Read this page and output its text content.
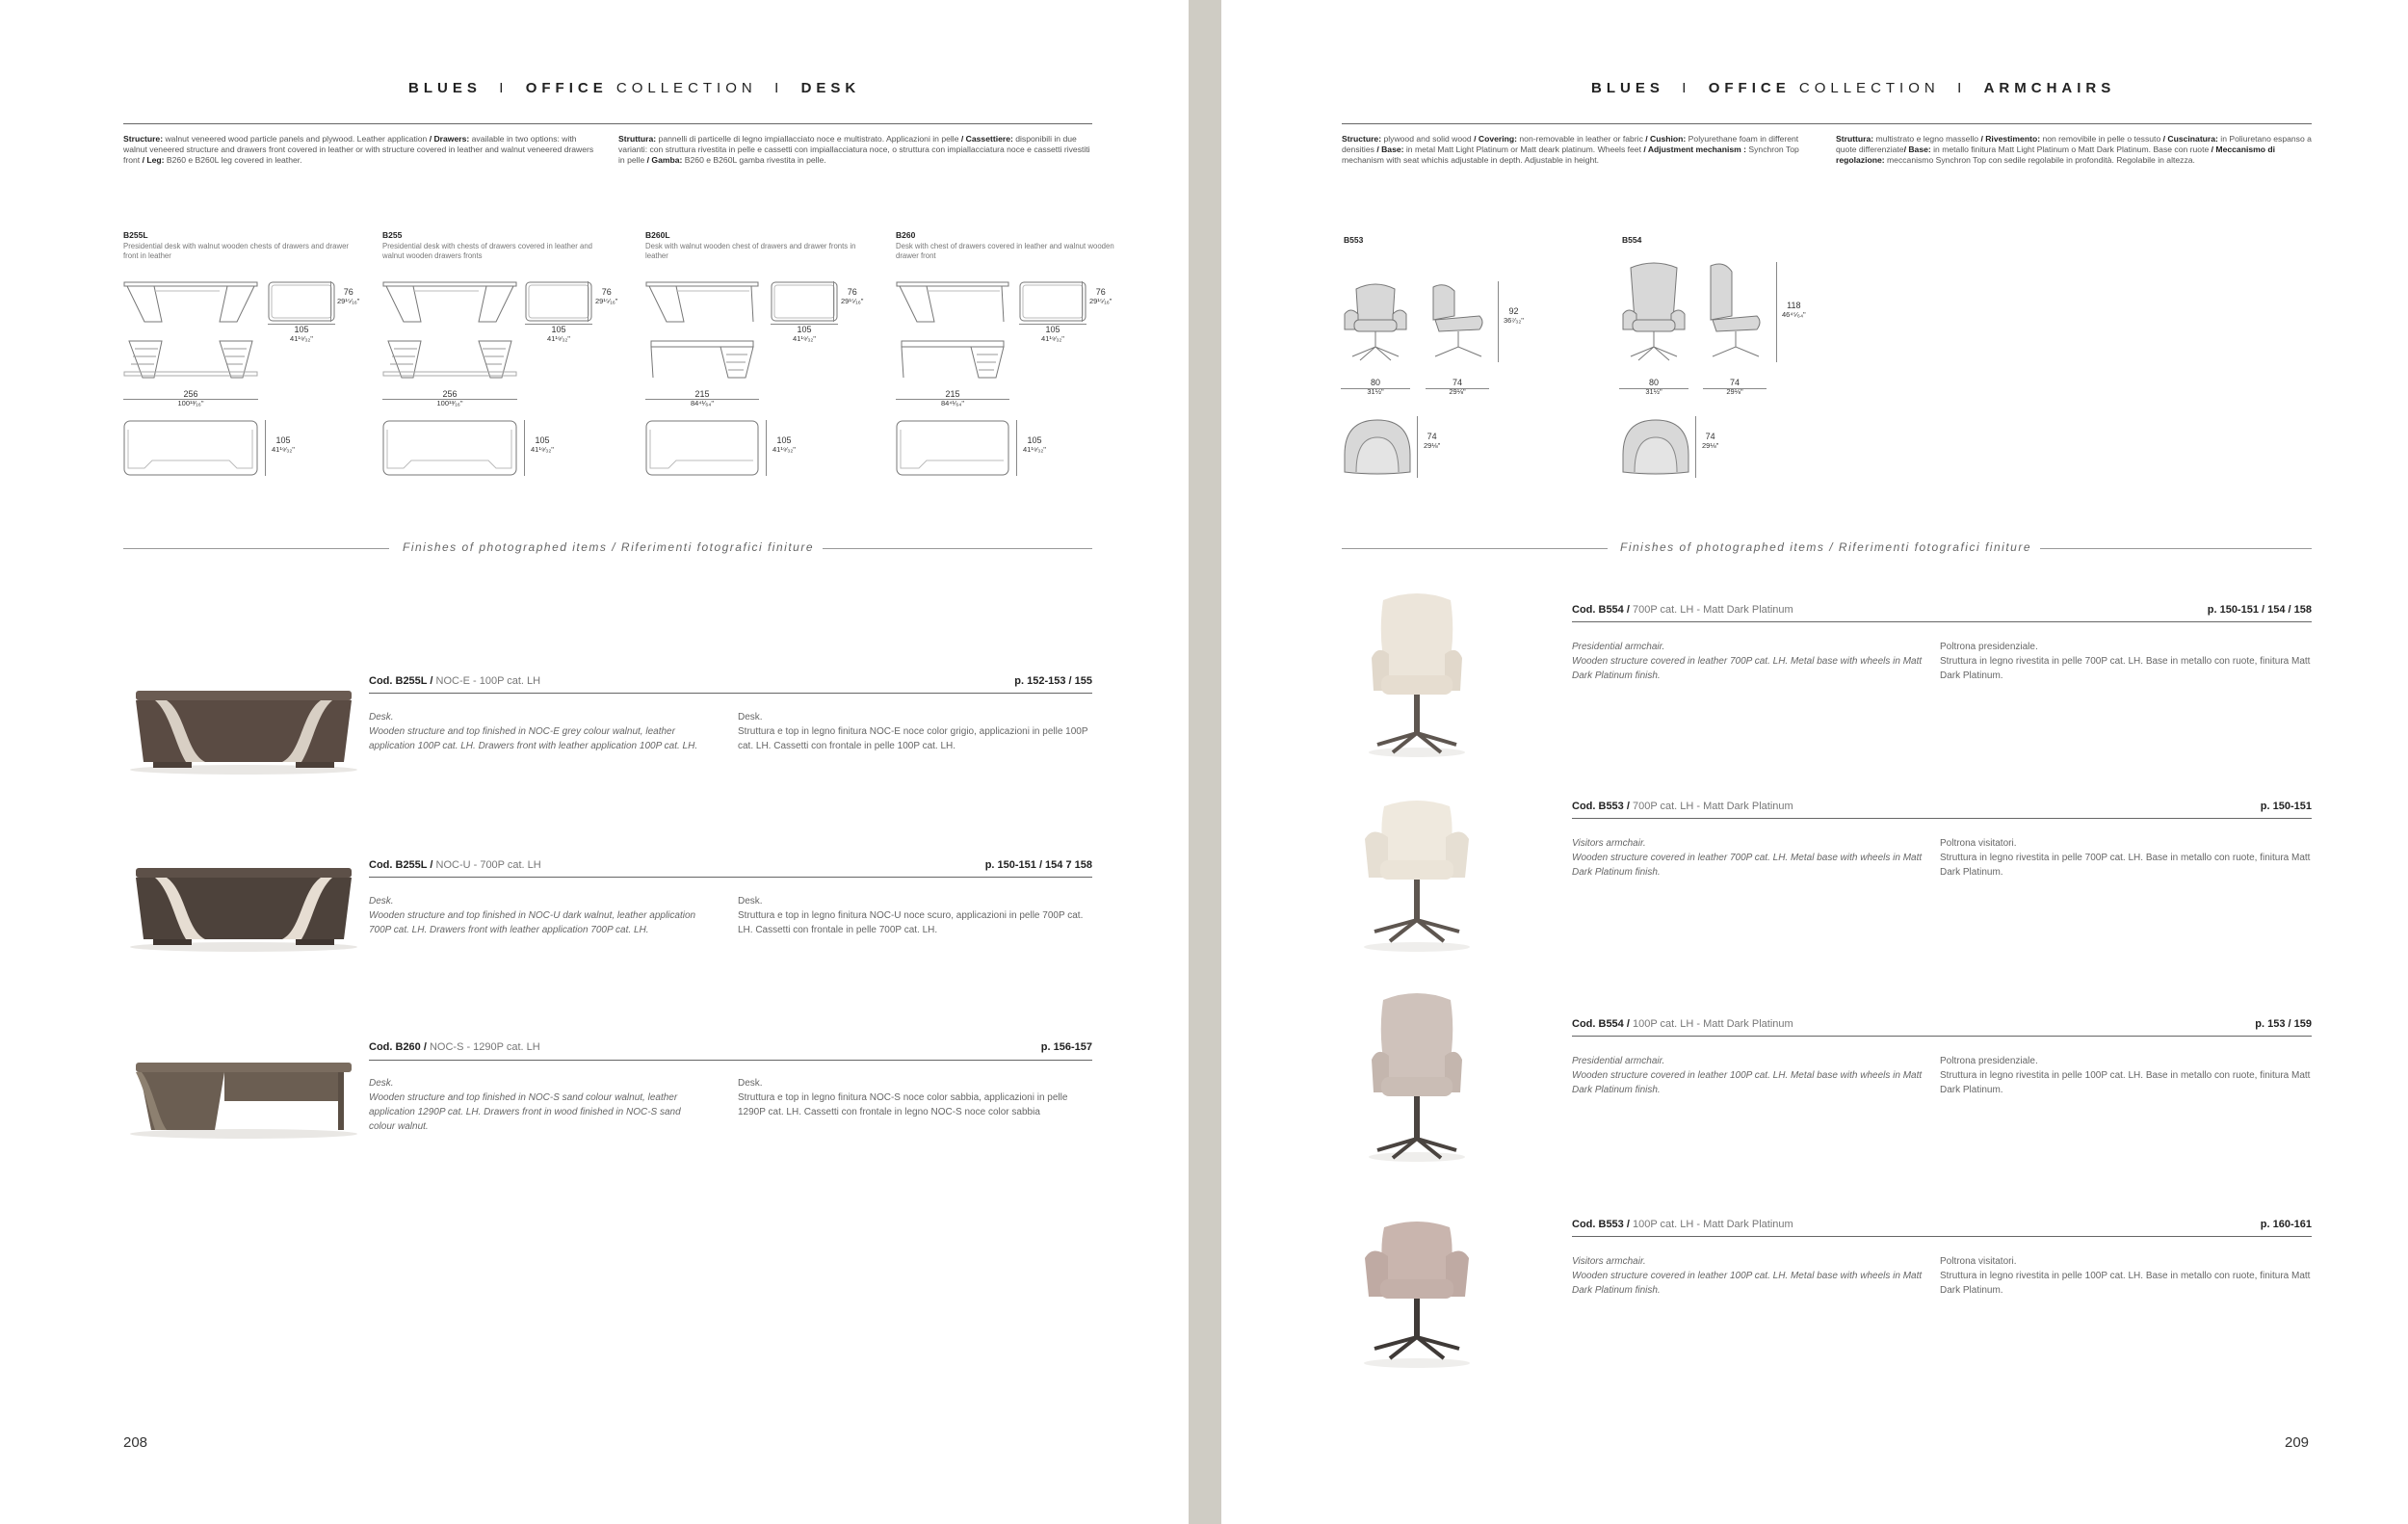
BLUES I OFFICE COLLECTION I DESK
Structure: walnut veneered wood particle panels and plywood. Leather application / Drawers: available in two options: with walnut veneered structure and drawers front covered in leather or with structure covered in leather and walnut veneered drawers front / Leg: B260 e B260L leg covered in leather.
Struttura: pannelli di particelle di legno impiallacciato noce e multistrato. Applicazioni in pelle / Cassettiere: disponibili in due varianti: con struttura rivestita in pelle e cassetti con impiallacciatura noce, o struttura con impiallacciatura noce e cassetti rivestiti in pelle / Gamba: B260 e B260L gamba rivestita in pelle.
B255L
Presidential desk with walnut wooden chests of drawers and drawer front in leather
76
29¹⁵⁄₁₆"
105
41¹⁹⁄₃₂"
256
100¹³⁄₁₆"
105
41¹⁹⁄₃₂"
B255
Presidential desk with chests of drawers covered in leather and walnut wooden drawers fronts
76
29¹⁵⁄₁₆"
105
41¹⁹⁄₃₂"
256
100¹³⁄₁₆"
105
41¹⁹⁄₃₂"
B260L
Desk with walnut wooden chest of drawers and drawer fronts in leather
76
29¹⁵⁄₁₆"
105
41¹⁹⁄₃₂"
215
84⁴¹⁄₆₄"
105
41¹⁹⁄₃₂"
B260
Desk with chest of drawers covered in leather and walnut wooden drawer front
76
29¹⁵⁄₁₆"
105
41¹⁹⁄₃₂"
215
84⁴¹⁄₆₄"
105
41¹⁹⁄₃₂"
Finishes of photographed items / Riferimenti fotografici finiture
Cod. B255L / NOC-E - 100P cat. LH	p. 152-153 / 155
Desk.
Wooden structure and top finished in NOC-E grey colour walnut, leather application 100P cat. LH. Drawers front with leather application 100P cat. LH.
Desk.
Struttura e top in legno finitura NOC-E noce color grigio, applicazioni in pelle 100P cat. LH. Cassetti con frontale in pelle 100P cat. LH.
Cod. B255L / NOC-U - 700P cat. LH	p. 150-151 / 154 7 158
Desk.
Wooden structure and top finished in NOC-U dark walnut, leather application 700P cat. LH. Drawers front with leather application 700P cat. LH.
Desk.
Struttura e top in legno finitura NOC-U noce scuro, applicazioni in pelle 700P cat. LH. Cassetti con frontale in pelle 700P cat. LH.
Cod. B260 / NOC-S - 1290P cat. LH	p. 156-157
Desk.
Wooden structure and top finished in NOC-S sand colour walnut, leather application 1290P cat. LH. Drawers front in wood finished in NOC-S sand colour walnut.
Desk.
Struttura e top in legno finitura NOC-S noce color sabbia, applicazioni in pelle 1290P cat. LH. Cassetti con frontale in legno NOC-S noce color sabbia
208
BLUES I OFFICE COLLECTION I ARMCHAIRS
Structure: plywood and solid wood / Covering: non-removable in leather or fabric / Cushion: Polyurethane foam in different densities / Base: in metal Matt Light Platinum or Matt deark platinum. Wheels feet / Adjustment mechanism : Synchron Top mechanism with seat whichis adjustable in depth. Adjustable in height.
Struttura: multistrato e legno massello / Rivestimento: non removibile in pelle o tessuto / Cuscinatura: in Poliuretano espanso a quote differenziate/ Base: in metallo finitura Matt Light Platinum o Matt Dark Platinum. Base con ruote / Meccanismo di regolazione: meccanismo Synchron Top con sedile regolabile in profondità. Regolabile in altezza.
B553
92
36⁷⁄₃₂"
80
31½"
74
29⅛"
74
29⅛"
B554
118
46⁴⁵⁄₆₄"
80
31½"
74
29⅛"
74
29⅛"
Finishes of photographed items / Riferimenti fotografici finiture
Cod. B554 / 700P cat. LH - Matt Dark Platinum	p. 150-151 / 154 / 158
Presidential armchair.
Wooden structure covered in leather 700P cat. LH. Metal base with wheels in Matt Dark Platinum finish.
Poltrona presidenziale.
Struttura in legno rivestita in pelle 700P cat. LH. Base in metallo con ruote, finitura Matt Dark Platinum.
Cod. B553 / 700P cat. LH - Matt Dark Platinum	p. 150-151
Visitors armchair.
Wooden structure covered in leather 700P cat. LH. Metal base with wheels in Matt Dark Platinum finish.
Poltrona visitatori.
Struttura in legno rivestita in pelle 700P cat. LH. Base in metallo con ruote, finitura Matt Dark Platinum.
Cod. B554 / 100P cat. LH - Matt Dark Platinum	p. 153 / 159
Presidential armchair.
Wooden structure covered in leather 100P cat. LH. Metal base with wheels in Matt Dark Platinum finish.
Poltrona presidenziale.
Struttura in legno rivestita in pelle 100P cat. LH. Base in metallo con ruote, finitura Matt Dark Platinum.
Cod. B553 / 100P cat. LH - Matt Dark Platinum	p. 160-161
Visitors armchair.
Wooden structure covered in leather 100P cat. LH. Metal base with wheels in Matt Dark Platinum finish.
Poltrona visitatori.
Struttura in legno rivestita in pelle 100P cat. LH. Base in metallo con ruote, finitura Matt Dark Platinum.
209
